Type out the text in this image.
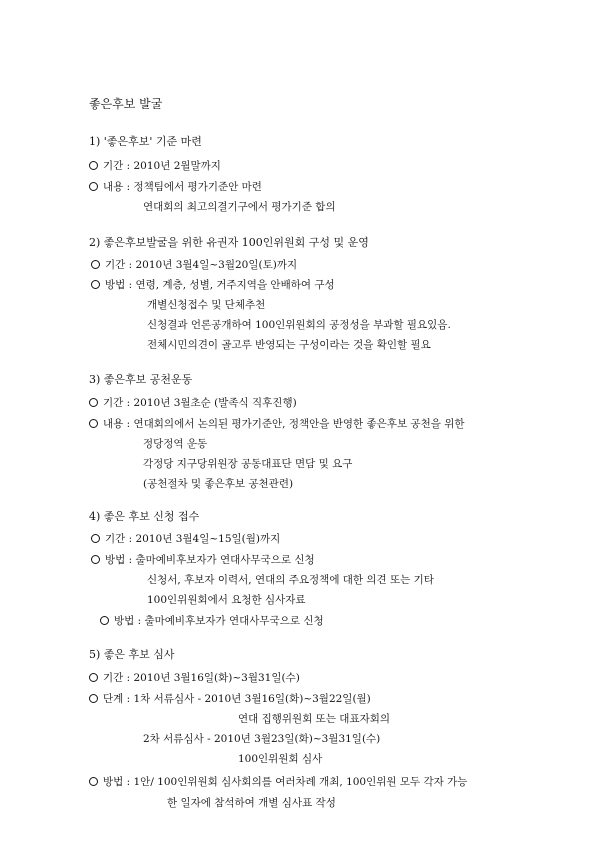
좋은후보 발굴
1) '좋은후보' 기준 마련
기간 : 2010년 2월말까지
내용 : 정책팀에서 평가기준안 마련
연대회의 최고의결기구에서 평가기준 합의
2) 좋은후보발굴을 위한 유권자 100인위원회 구성 및 운영
기간 : 2010년 3월4일~3월20일(토)까지
방법 : 연령, 계층, 성별, 거주지역을 안배하여 구성
개별신청접수 및 단체추천
신청결과 언론공개하여 100인위원회의 공정성을 부과할 필요있음.
전체시민의견이 골고루 반영되는 구성이라는 것을 확인할 필요
3) 좋은후보 공천운동
기간 : 2010년 3월초순 (발족식 직후진행)
내용 : 연대회의에서 논의된 평가기준안, 정책안을 반영한 좋은후보 공천을 위한
정당정역 운동
각정당 지구당위원장 공동대표단 면담 및 요구
(공천절차 및 좋은후보 공천관련)
4) 좋은 후보 신청 접수
기간 : 2010년 3월4일~15일(월)까지
방법 : 출마예비후보자가 연대사무국으로 신청
신청서, 후보자 이력서, 연대의 주요정책에 대한 의견 또는 기타
100인위원회에서 요청한 심사자료
방법 : 출마예비후보자가 연대사무국으로 신청
5) 좋은 후보 심사
기간 : 2010년 3월16일(화)~3월31일(수)
단계 : 1차 서류심사 - 2010년 3월16일(화)~3월22일(월)
연대 집행위원회 또는 대표자회의
2차 서류심사 - 2010년 3월23일(화)~3월31일(수)
100인위원회 심사
방법 : 1안/ 100인위원회 심사회의를 여러차례 개최, 100인위원 모두 각자 가능
한 일자에 참석하여 개별 심사표 작성
